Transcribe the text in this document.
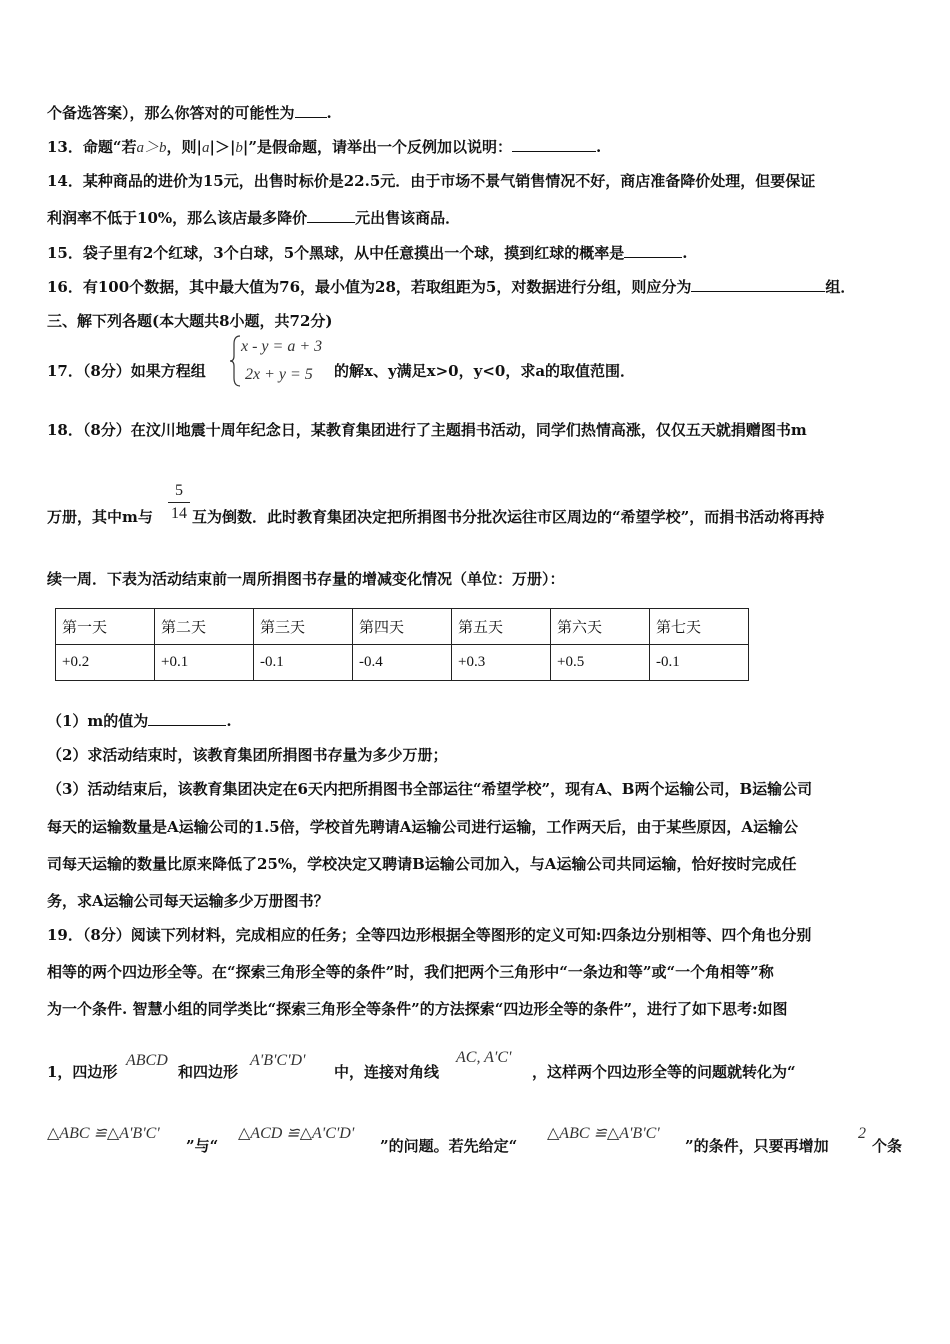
个备选答案），那么你答对的可能性为 .
13．命题“若a＞b，则|a|＞|b|”是假命题，请举出一个反例加以说明：	.
14．某种商品的进价为15元，出售时标价是22.5元．由于市场不景气销售情况不好，商店准备降价处理，但要保证
利润率不低于10%，那么该店最多降价	元出售该商品．
15．袋子里有2个红球，3个白球，5个黑球，从中任意摸出一个球，摸到红球的概率是	.
16．有100个数据，其中最大值为76，最小值为28，若取组距为5，对数据进行分组，则应分为	组．
三、解下列各题(本大题共8小题，共72分)
17．（8分）如果方程组
x - y = a + 3
2x + y = 5 的解x、y满足x>0，y<0，求a的取值范围．
18．（8分）在汶川地震十周年纪念日，某教育集团进行了主题捐书活动，同学们热情高涨，仅仅五天就捐赠图书m
5
14
万册，其中m与	互为倒数．此时教育集团决定把所捐图书分批次运往市区周边的“希望学校”，而捐书活动将再持
续一周．下表为活动结束前一周所捐图书存量的增减变化情况（单位：万册）：
第一天	第二天	第三天	第四天	第五天	第六天	第七天
+0.2	+0.1	-0.1	-0.4	+0.3	+0.5	-0.1
（1）m的值为	.
（2）求活动结束时，该教育集团所捐图书存量为多少万册；
（3）活动结束后，该教育集团决定在6天内把所捐图书全部运往“希望学校”，现有A、B两个运输公司，B运输公司
每天的运输数量是A运输公司的1.5倍，学校首先聘请A运输公司进行运输，工作两天后，由于某些原因，A运输公
司每天运输的数量比原来降低了25%，学校决定又聘请B运输公司加入，与A运输公司共同运输，恰好按时完成任
务，求A运输公司每天运输多少万册图书？
19．（8分）阅读下列材料，完成相应的任务；全等四边形根据全等图形的定义可知:四条边分别相等、四个角也分别
相等的两个四边形全等。在“探索三角形全等的条件”时，我们把两个三角形中“一条边和等”或“一个角相等”称
为一个条件. 智慧小组的同学类比“探索三角形全等条件”的方法探索“四边形全等的条件”，进行了如下思考:如图
1，四边形
ABCD
和四边形
A'B'C'D'
中，连接对角线
AC, A'C'
，这样两个四边形全等的问题就转化为“
△ABC ≌△A'B'C'
”与“
△ACD ≌△A'C'D'
”的问题。若先给定“
△ABC ≌△A'B'C'
”的条件，只要再增加
2
个条
